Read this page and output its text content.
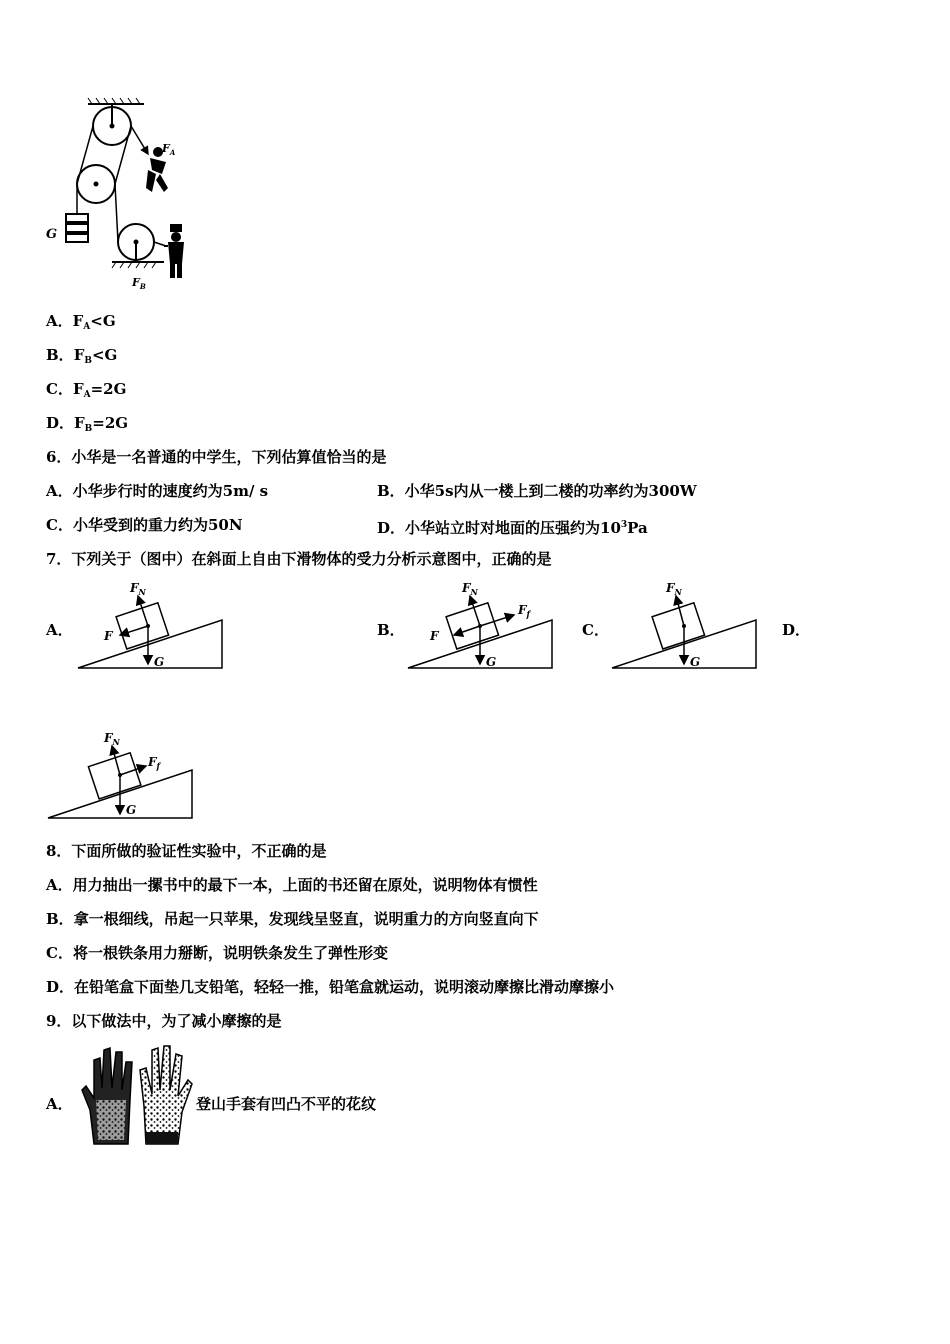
G
$F_A$
$F_B$
A．$F_A<G$
B．$F_B<G$
C．$F_A=2G$
D．$F_B=2G$
6．小华是一名普通的中学生，下列估算值恰当的是
A．小华步行时的速度约为5m/ s	B．小华5s内从一楼上到二楼的功率约为300W
C．小华受到的重力约为50N	D．小华站立时对地面的压强约为$10^3Pa$
7．下列关于（图中）在斜面上自由下滑物体的受力分析示意图中，正确的是
A．
$F_N$
F
G
B．
$F_N$
F
$F_f$
G
C．
$F_N$
G
D．
$F_N$
$F_f$
G
8．下面所做的验证性实验中，不正确的是
A．用力抽出一摞书中的最下一本，上面的书还留在原处，说明物体有惯性
B．拿一根细线，吊起一只苹果，发现线呈竖直，说明重力的方向竖直向下
C．将一根铁条用力掰断，说明铁条发生了弹性形变
D．在铅笔盒下面垫几支铅笔，轻轻一推，铅笔盒就运动，说明滚动摩擦比滑动摩擦小
9．以下做法中，为了减小摩擦的是
A．	登山手套有凹凸不平的花纹
